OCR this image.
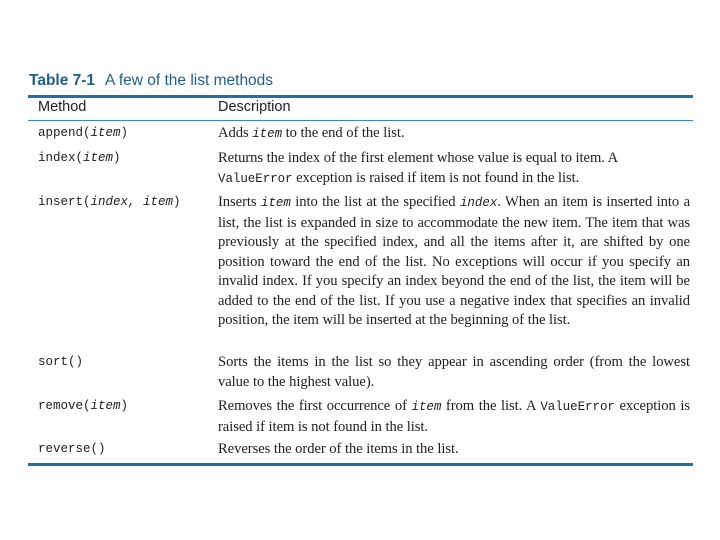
Table 7-1 A few of the list methods
Method	Description
append(item)	Adds item to the end of the list.
index(item)	Returns the index of the first element whose value is equal to item. A
ValueError exception is raised if item is not found in the list.
insert(index, item)	Inserts item into the list at the specified index. When an item is inserted into a list, the list is expanded in size to accommodate the new item. The item that was previously at the specified index, and all the items after it, are shifted by one position toward the end of the list. No exceptions will occur if you specify an invalid index. If you specify an index beyond the end of the list, the item will be added to the end of the list. If you use a negative index that specifies an invalid position, the item will be inserted at the beginning of the list.
sort()	Sorts the items in the list so they appear in ascending order (from the lowest value to the highest value).
remove(item)	Removes the first occurrence of item from the list. A ValueError exception is raised if item is not found in the list.
reverse()	Reverses the order of the items in the list.
